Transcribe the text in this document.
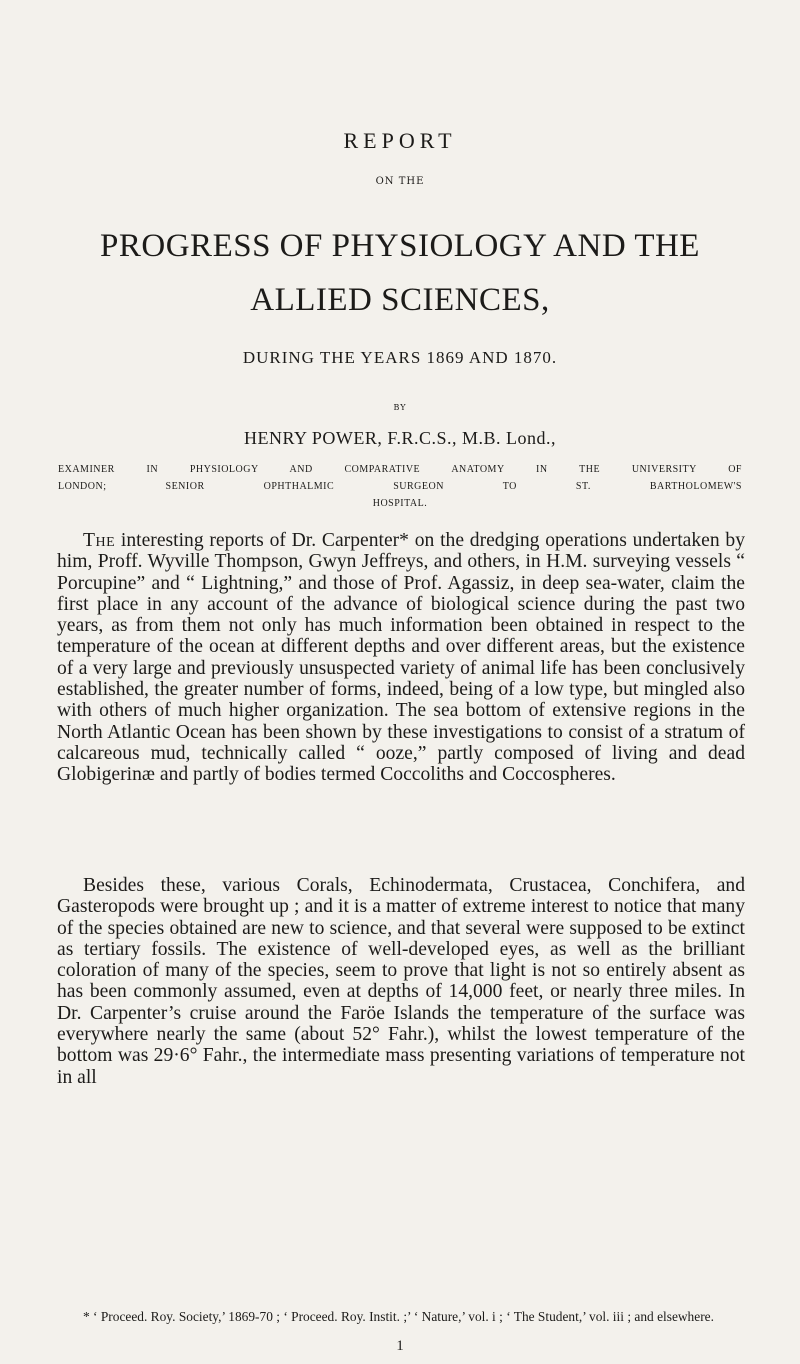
REPORT
ON THE
PROGRESS OF PHYSIOLOGY AND THE
ALLIED SCIENCES,
DURING THE YEARS 1869 AND 1870.
BY
HENRY POWER, F.R.C.S., M.B. Lond.,
EXAMINER IN PHYSIOLOGY AND COMPARATIVE ANATOMY IN THE UNIVERSITY OF
LONDON; SENIOR OPHTHALMIC SURGEON TO ST. BARTHOLOMEW'S
HOSPITAL.
The interesting reports of Dr. Carpenter* on the dredging operations undertaken by him, Proff. Wyville Thompson, Gwyn Jeffreys, and others, in H.M. surveying vessels “ Porcupine” and “ Lightning,” and those of Prof. Agassiz, in deep sea-water, claim the first place in any account of the advance of biological science during the past two years, as from them not only has much information been obtained in respect to the temperature of the ocean at different depths and over different areas, but the existence of a very large and previously unsuspected variety of animal life has been conclusively established, the greater number of forms, indeed, being of a low type, but mingled also with others of much higher organization. The sea bottom of extensive regions in the North Atlantic Ocean has been shown by these investigations to consist of a stratum of calcareous mud, technically called “ ooze,” partly composed of living and dead Globigerinæ and partly of bodies termed Coccoliths and Coccospheres.
Besides these, various Corals, Echinodermata, Crustacea, Conchifera, and Gasteropods were brought up ; and it is a matter of extreme interest to notice that many of the species obtained are new to science, and that several were supposed to be extinct as tertiary fossils. The existence of well-developed eyes, as well as the brilliant coloration of many of the species, seem to prove that light is not so entirely absent as has been commonly assumed, even at depths of 14,000 feet, or nearly three miles. In Dr. Carpenter’s cruise around the Faröe Islands the temperature of the surface was everywhere nearly the same (about 52° Fahr.), whilst the lowest temperature of the bottom was 29·6° Fahr., the intermediate mass presenting variations of temperature not in all
* ‘ Proceed. Roy. Society,’ 1869-70 ; ‘ Proceed. Roy. Instit. ;’ ‘ Nature,’ vol. i ; ‘ The Student,’ vol. iii ; and elsewhere.
1
